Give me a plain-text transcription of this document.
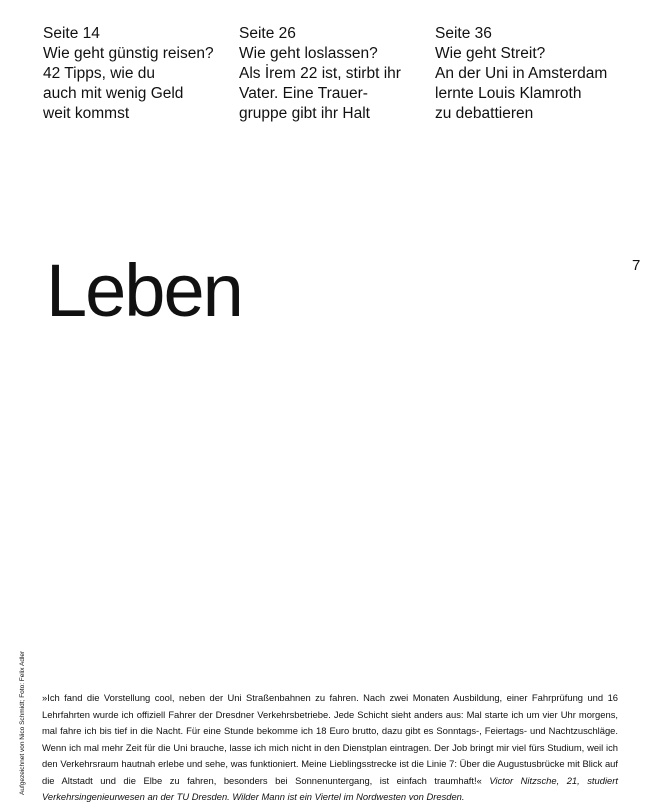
Seite 14
Wie geht günstig reisen?
42 Tipps, wie du
auch mit wenig Geld
weit kommst
Seite 26
Wie geht loslassen?
Als İrem 22 ist, stirbt ihr
Vater. Eine Trauer-
gruppe gibt ihr Halt
Seite 36
Wie geht Streit?
An der Uni in Amsterdam
lernte Louis Klamroth
zu debattieren
Leben	7
Aufgezeichnet von Nico Schmidt; Foto: Felix Adler »Ich fand die Vorstellung cool, neben der Uni Straßenbahnen zu fahren. Nach zwei Monaten Ausbildung, einer Fahrprüfung und 16 Lehrfahrten wurde ich offiziell Fahrer der Dresdner Verkehrsbetriebe. Jede Schicht sieht anders aus: Mal starte ich um vier Uhr morgens, mal fahre ich bis tief in die Nacht. Für eine Stunde bekomme ich 18 Euro brutto, dazu gibt es Sonntags-, Feiertags- und Nachtzuschläge. Wenn ich mal mehr Zeit für die Uni brauche, lasse ich mich nicht in den Dienstplan eintragen. Der Job bringt mir viel fürs Studium, weil ich den Verkehrsraum hautnah erlebe und sehe, was funktioniert. Meine Lieblingsstrecke ist die Linie 7: Über die Augustusbrücke mit Blick auf die Altstadt und die Elbe zu fahren, besonders bei Sonnenuntergang, ist einfach traumhaft!« Victor Nitzsche, 21, studiert Verkehrsingenieurwesen an der TU Dresden. Wilder Mann ist ein Viertel im Nordwesten von Dresden.
